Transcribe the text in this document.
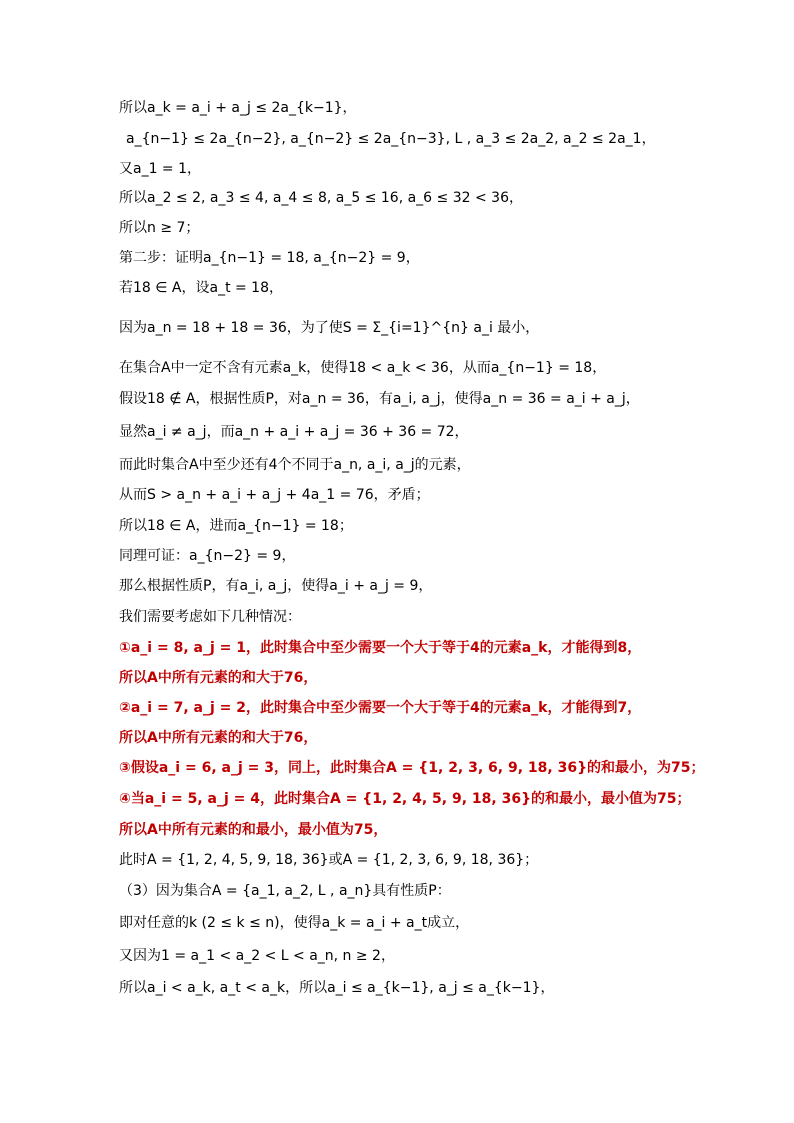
所以a_k = a_i + a_j ≤ 2a_{k−1}，
a_{n−1} ≤ 2a_{n−2}, a_{n−2} ≤ 2a_{n−3}, L , a_3 ≤ 2a_2, a_2 ≤ 2a_1，
又a_1 = 1，
所以a_2 ≤ 2, a_3 ≤ 4, a_4 ≤ 8, a_5 ≤ 16, a_6 ≤ 32 < 36，
所以n ≥ 7；
第二步：证明a_{n−1} = 18, a_{n−2} = 9，
若18 ∈ A，设a_t = 18，
因为a_n = 18 + 18 = 36，为了使S = Σ_{i=1}^{n} a_i 最小，
在集合A中一定不含有元素a_k，使得18 < a_k < 36，从而a_{n−1} = 18，
假设18 ∉ A，根据性质P，对a_n = 36，有a_i, a_j，使得a_n = 36 = a_i + a_j，
显然a_i ≠ a_j，而a_n + a_i + a_j = 36 + 36 = 72，
而此时集合A中至少还有4个不同于a_n, a_i, a_j的元素，
从而S > a_n + a_i + a_j + 4a_1 = 76，矛盾；
所以18 ∈ A，进而a_{n−1} = 18；
同理可证：a_{n−2} = 9，
那么根据性质P，有a_i, a_j，使得a_i + a_j = 9，
我们需要考虑如下几种情况：
①a_i = 8, a_j = 1，此时集合中至少需要一个大于等于4的元素a_k，才能得到8，
所以A中所有元素的和大于76，
②a_i = 7, a_j = 2，此时集合中至少需要一个大于等于4的元素a_k，才能得到7，
所以A中所有元素的和大于76，
③假设a_i = 6, a_j = 3，同上，此时集合A = {1, 2, 3, 6, 9, 18, 36}的和最小，为75；
④当a_i = 5, a_j = 4，此时集合A = {1, 2, 4, 5, 9, 18, 36}的和最小，最小值为75；
所以A中所有元素的和最小，最小值为75，
此时A = {1, 2, 4, 5, 9, 18, 36}或A = {1, 2, 3, 6, 9, 18, 36}；
（3）因为集合A = {a_1, a_2, L , a_n}具有性质P：
即对任意的k (2 ≤ k ≤ n)，使得a_k = a_i + a_t成立，
又因为1 = a_1 < a_2 < L < a_n, n ≥ 2，
所以a_i < a_k, a_t < a_k，所以a_i ≤ a_{k−1}, a_j ≤ a_{k−1}，
